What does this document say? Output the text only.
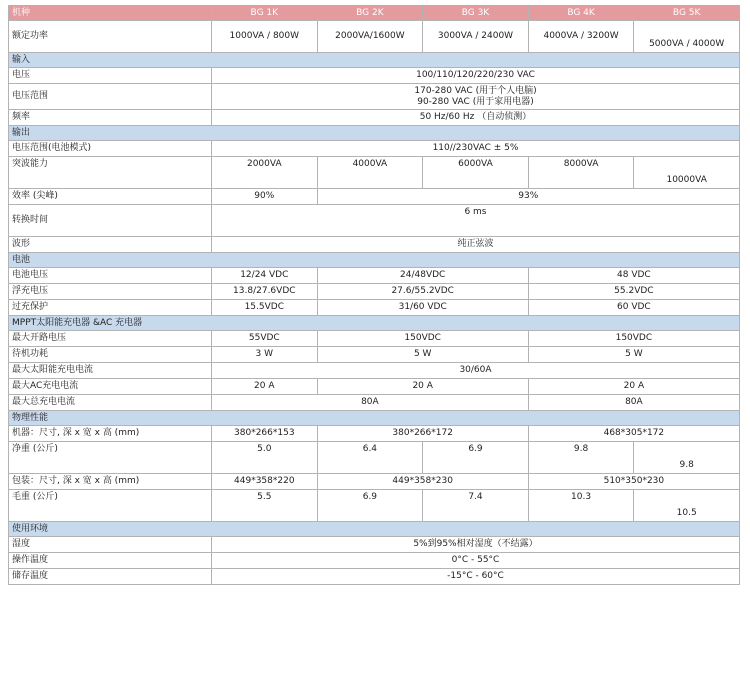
机种	BG 1K	BG 2K	BG 3K	BG 4K	BG 5K
额定功率	1000VA / 800W	2000VA/1600W	3000VA / 2400W	4000VA / 3200W	5000VA / 4000W
输入					
电压	100/110/120/220/230 VAC				
电压范围	170-280 VAC (用于个人电脑)
90-280 VAC (用于家用电器)				

频率	50 Hz/60 Hz （自动侦测）				
输出					
电压范围(电池模式)	110//230VAC ± 5%				
突波能力	2000VA	4000VA	6000VA	8000VA	10000VA
效率 (尖峰)	90%	93%			
转换时间	6 ms				
波形	纯正弦波				
电池					
电池电压	12/24 VDC	24/48VDC		48 VDC	
浮充电压	13.8/27.6VDC	27.6/55.2VDC		55.2VDC	
过充保护	15.5VDC	31/60 VDC		60 VDC	
MPPT太阳能充电器 &AC 充电器					
最大开路电压	55VDC	150VDC		150VDC	
待机功耗	3 W	5 W		5 W	
最大太阳能充电电流	30/60A				
最大AC充电电流	20 A	20 A		20 A	
最大总充电电流	80A			80A	
物理性能					
机器：尺寸, 深 x 宽 x 高 (mm)	380*266*153	380*266*172		468*305*172	
净重 (公斤)	5.0	6.4	6.9	9.8	9.8
包装：尺寸, 深 x 宽 x 高 (mm)	449*358*220	449*358*230		510*350*230	
毛重 (公斤)	5.5	6.9	7.4	10.3	10.5
使用环境					
湿度	5%到95%相对湿度（不结露）				
操作温度	0°C - 55°C				
储存温度	-15°C - 60°C				
